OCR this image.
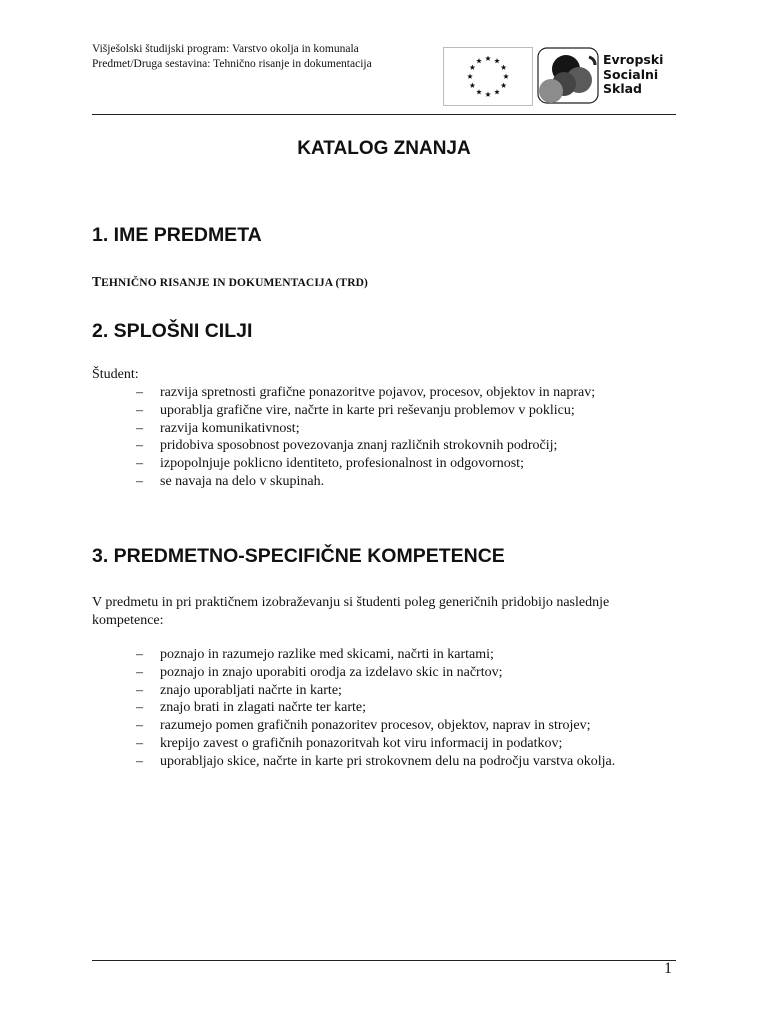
Višješolski študijski program: Varstvo okolja in komunala
Predmet/Druga sestavina: Tehnično risanje in dokumentacija	Evropski
Socialni
Sklad
KATALOG ZNANJA
1. IME PREDMETA
TEHNIČNO RISANJE IN DOKUMENTACIJA (TRD)
2. SPLOŠNI CILJI
Študent:
– razvija spretnosti grafične ponazoritve pojavov, procesov, objektov in naprav;
– uporablja grafične vire, načrte in karte pri reševanju problemov v poklicu;
– razvija komunikativnost;
– pridobiva sposobnost povezovanja znanj različnih strokovnih področij;
– izpopolnjuje poklicno identiteto, profesionalnost in odgovornost;
– se navaja na delo v skupinah.
3. PREDMETNO-SPECIFIČNE KOMPETENCE
V predmetu in pri praktičnem izobraževanju si študenti poleg generičnih pridobijo naslednje
kompetence:
– poznajo in razumejo razlike med skicami, načrti in kartami;
– poznajo in znajo uporabiti orodja za izdelavo skic in načrtov;
– znajo uporabljati načrte in karte;
– znajo brati in zlagati načrte ter karte;
– razumejo pomen grafičnih ponazoritev procesov, objektov, naprav in strojev;
– krepijo zavest o grafičnih ponazoritvah kot viru informacij in podatkov;
– uporabljajo skice, načrte in karte pri strokovnem delu na področju varstva okolja.
1
